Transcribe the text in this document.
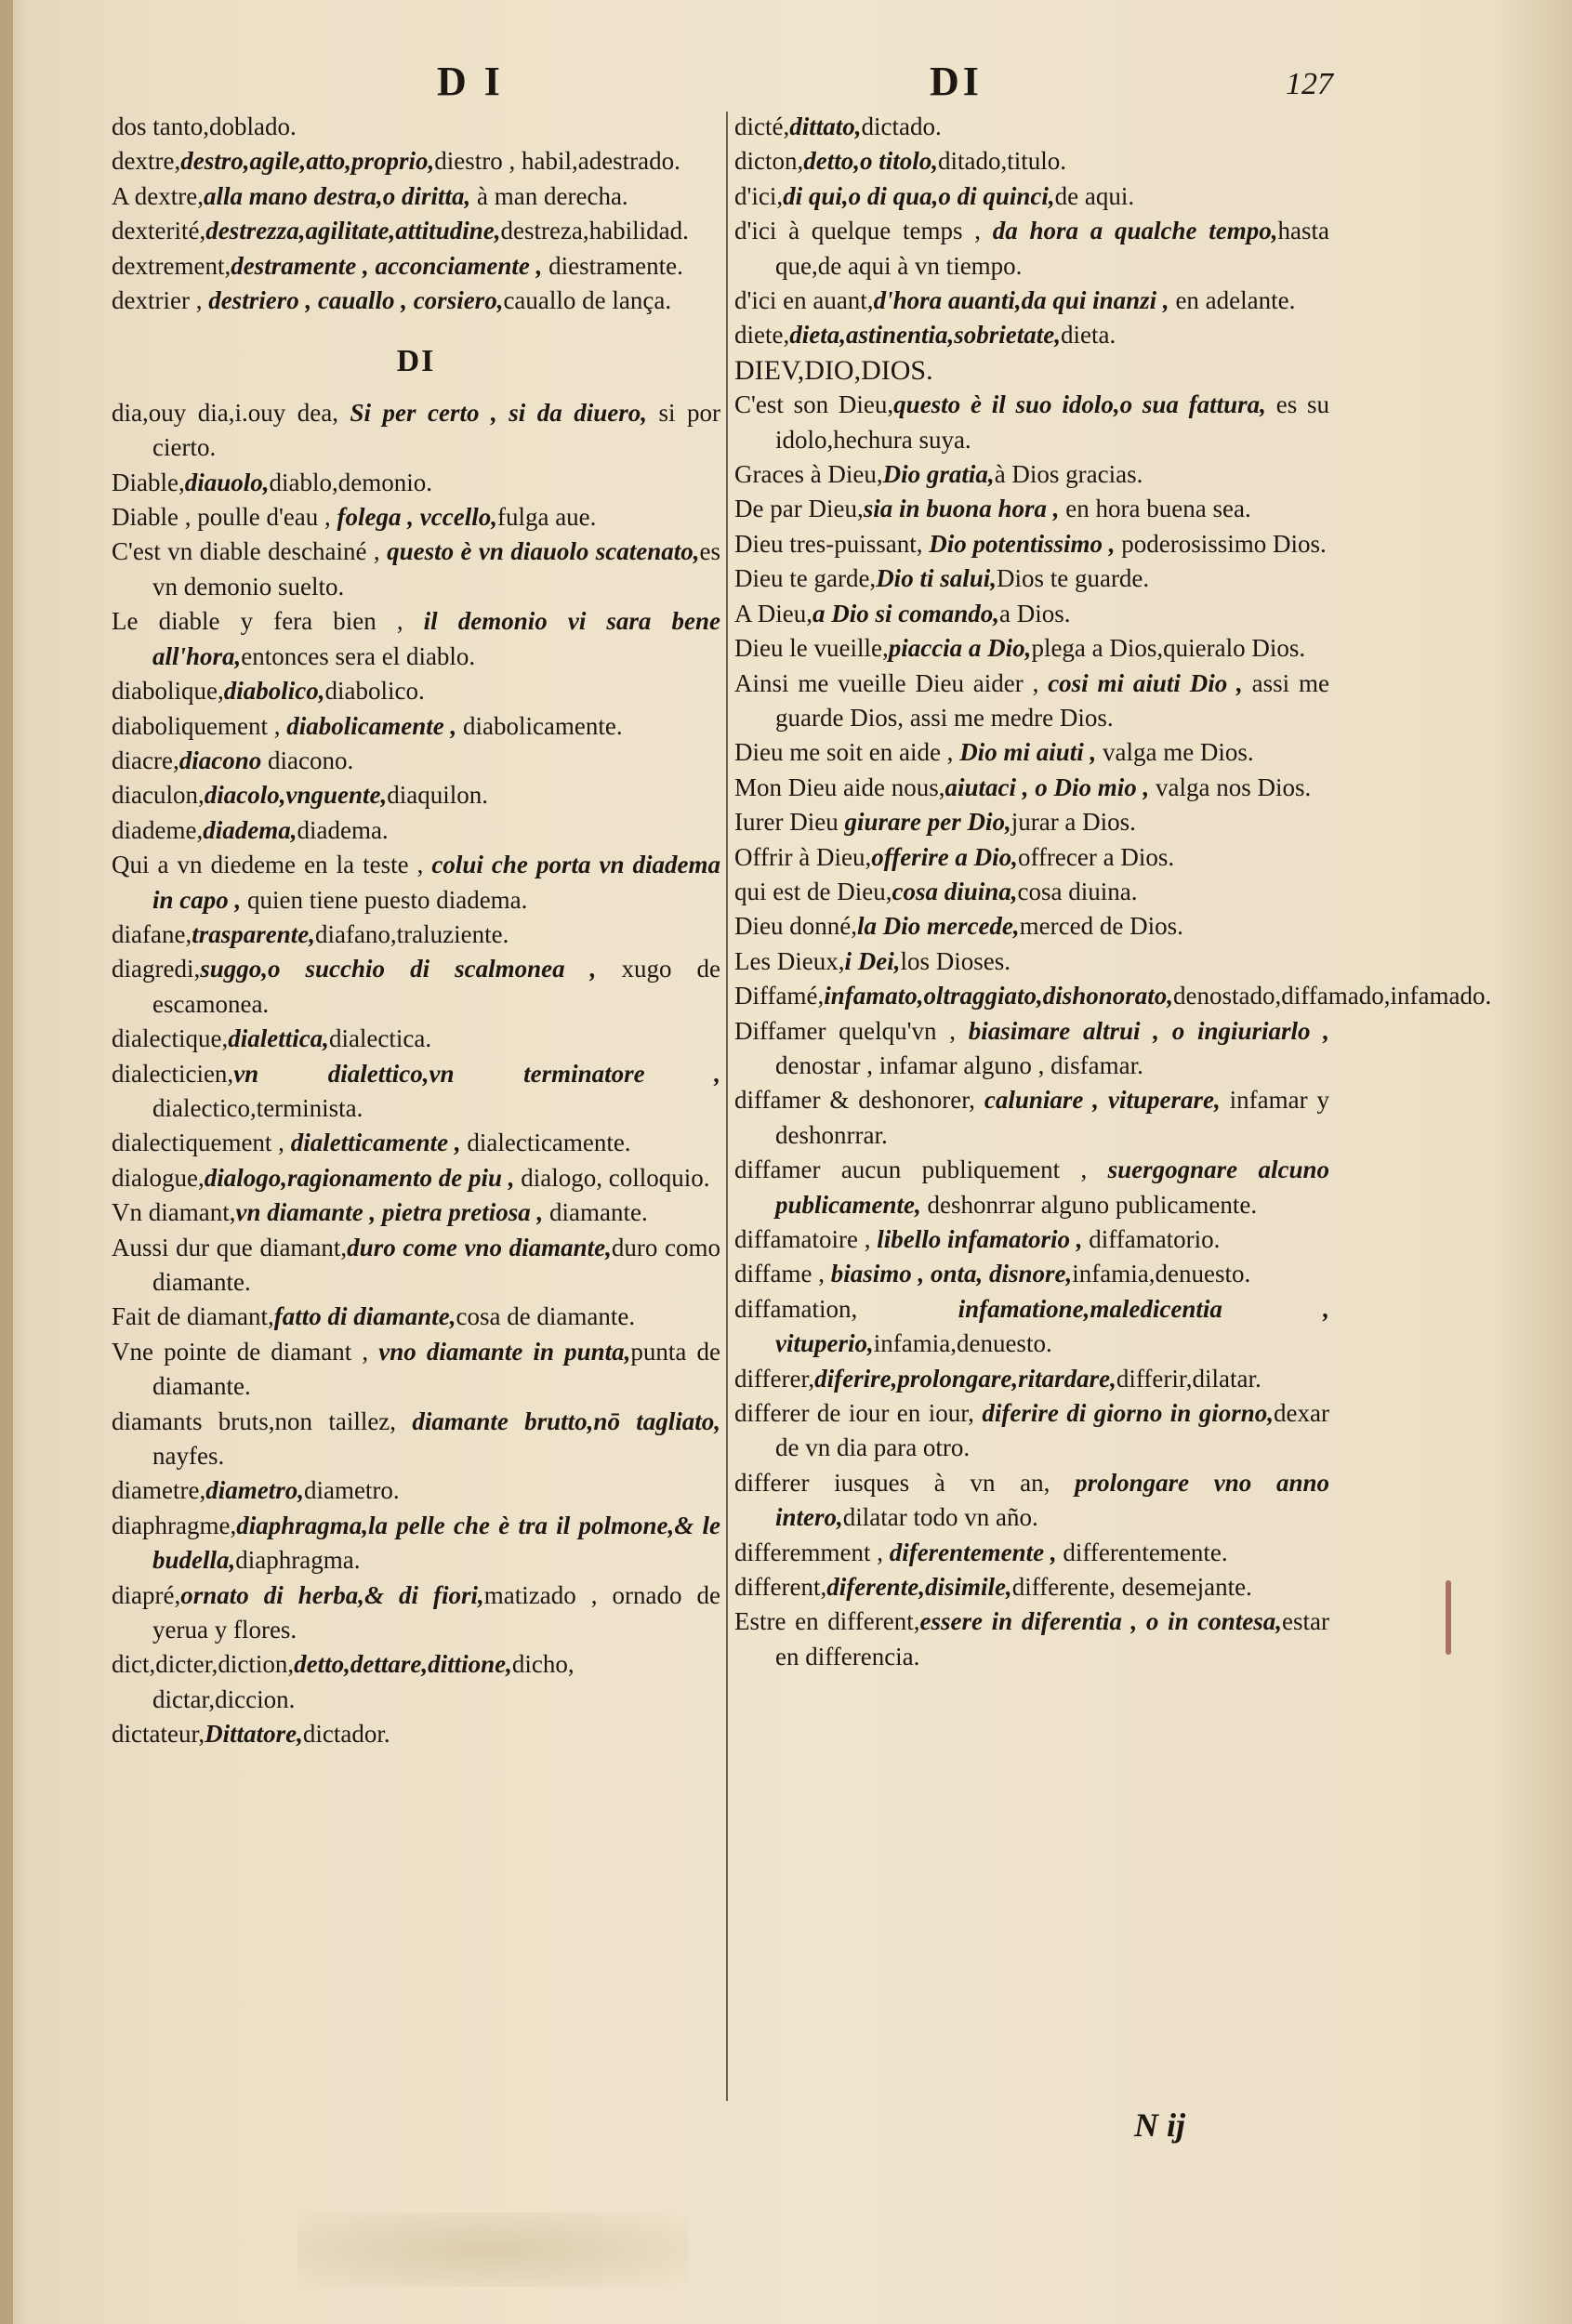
D I	DI	127

dos tanto,doblado.

dextre,destro,agile,atto,proprio,diestro , habil,adestrado.

A dextre,alla mano destra,o diritta, à man derecha.

dexterité,destrezza,agilitate,attitudine,destreza,habilidad.

dextrement,destramente , acconciamente , diestramente.

dextrier , destriero , cauallo , corsiero,cauallo de lança.

DI

dia,ouy dia,i.ouy dea, Si per certo , si da diuero, si por cierto.

Diable,diauolo,diablo,demonio.

Diable , poulle d'eau , folega , vccello,fulga aue.

C'est vn diable deschainé , questo è vn diauolo scatenato,es vn demonio suelto.

Le diable y fera bien , il demonio vi sara bene all'hora,entonces sera el diablo.

diabolique,diabolico,diabolico.

diaboliquement , diabolicamente , diabolicamente.

diacre,diacono diacono.

diaculon,diacolo,vnguente,diaquilon.

diademe,diadema,diadema.

Qui a vn diedeme en la teste , colui che porta vn diadema in capo , quien tiene puesto diadema.

diafane,trasparente,diafano,traluziente.

diagredi,suggo,o succhio di scalmonea , xugo de escamonea.

dialectique,dialettica,dialectica.

dialecticien,vn dialettico,vn terminatore , dialectico,terminista.

dialectiquement , dialetticamente , dialecticamente.

dialogue,dialogo,ragionamento de piu , dialogo, colloquio.

Vn diamant,vn diamante , pietra pretiosa , diamante.

Aussi dur que diamant,duro come vno diamante,duro como diamante.

Fait de diamant,fatto di diamante,cosa de diamante.

Vne pointe de diamant , vno diamante in punta,punta de diamante.

diamants bruts,non taillez, diamante brutto,nō tagliato, nayfes.

diametre,diametro,diametro.

diaphragme,diaphragma,la pelle che è tra il polmone,& le budella,diaphragma.

diapré,ornato di herba,& di fiori,matizado , ornado de yerua y flores.

dict,dicter,diction,detto,dettare,dittione,dicho, dictar,diccion.

dictateur,Dittatore,dictador.

dicté,dittato,dictado.

dicton,detto,o titolo,ditado,titulo.

d'ici,di qui,o di qua,o di quinci,de aqui.

d'ici à quelque temps , da hora a qualche tempo,hasta que,de aqui à vn tiempo.

d'ici en auant,d'hora auanti,da qui inanzi , en adelante.

diete,dieta,astinentia,sobrietate,dieta.

DIEV,DIO,DIOS.

C'est son Dieu,questo è il suo idolo,o sua fattura, es su idolo,hechura suya.

Graces à Dieu,Dio gratia,à Dios gracias.

De par Dieu,sia in buona hora , en hora buena sea.

Dieu tres-puissant, Dio potentissimo , poderosissimo Dios.

Dieu te garde,Dio ti salui,Dios te guarde.

A Dieu,a Dio si comando,a Dios.

Dieu le vueille,piaccia a Dio,plega a Dios,quieralo Dios.

Ainsi me vueille Dieu aider , cosi mi aiuti Dio , assi me guarde Dios, assi me medre Dios.

Dieu me soit en aide , Dio mi aiuti , valga me Dios.

Mon Dieu aide nous,aiutaci , o Dio mio , valga nos Dios.

Iurer Dieu giurare per Dio,jurar a Dios.

Offrir à Dieu,offerire a Dio,offrecer a Dios.

qui est de Dieu,cosa diuina,cosa diuina.

Dieu donné,la Dio mercede,merced de Dios.

Les Dieux,i Dei,los Dioses.

Diffamé,infamato,oltraggiato,dishonorato,denostado,diffamado,infamado.

Diffamer quelqu'vn , biasimare altrui , o ingiuriarlo , denostar , infamar alguno , disfamar.

diffamer & deshonorer, caluniare , vituperare, infamar y deshonrrar.

diffamer aucun publiquement , suergognare alcuno publicamente, deshonrrar alguno publicamente.

diffamatoire , libello infamatorio , diffamatorio.

diffame , biasimo , onta, disnore,infamia,denuesto.

diffamation, infamatione,maledicentia , vituperio,infamia,denuesto.

differer,diferire,prolongare,ritardare,differir,dilatar.

differer de iour en iour, diferire di giorno in giorno,dexar de vn dia para otro.

differer iusques à vn an, prolongare vno anno intero,dilatar todo vn año.

differemment , diferentemente , differentemente.

different,diferente,disimile,differente, desemejante.

Estre en different,essere in diferentia , o in contesa,estar en differencia.

N ij
